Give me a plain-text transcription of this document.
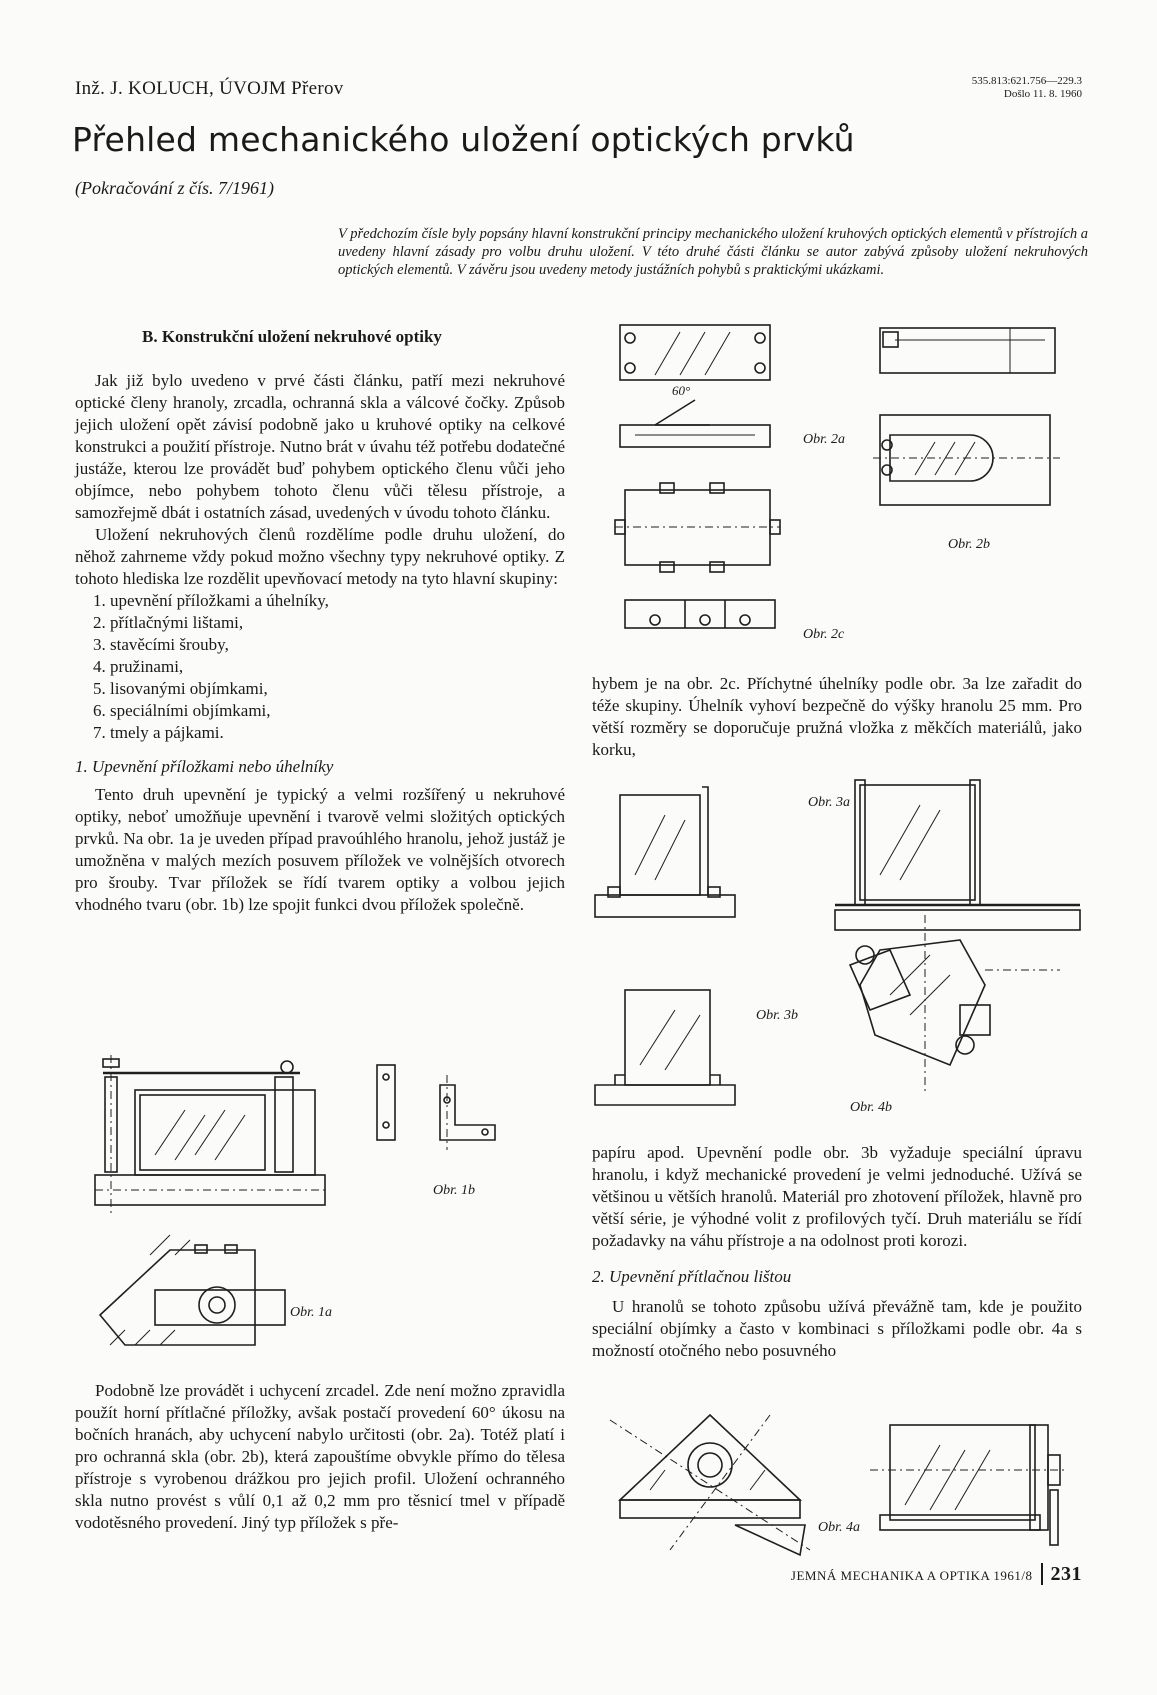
Inž. J. KOLUCH, ÚVOJM Přerov	535.813:621.756—229.3
Došlo 11. 8. 1960
Přehled mechanického uložení optických prvků
(Pokračování z čís. 7/1961)
V předchozím čísle byly popsány hlavní konstrukční principy mechanického uložení kruhových optických elementů v přístrojích a uvedeny hlavní zásady pro volbu druhu uložení. V této druhé části článku se autor zabývá způsoby uložení nekruhových optických elementů. V závěru jsou uvedeny metody justážních pohybů s praktickými ukázkami.
B. Konstrukční uložení nekruhové optiky

Jak již bylo uvedeno v prvé části článku, patří mezi nekruhové optické členy hranoly, zrcadla, ochranná skla a válcové čočky. Způsob jejich uložení opět závisí podobně jako u kruhové optiky na celkové konstrukci a použití přístroje. Nutno brát v úvahu též potřebu dodatečné justáže, kterou lze provádět buď pohybem optického členu vůči jeho objímce, nebo pohybem tohoto členu vůči tělesu přístroje, a samozřejmě dbát i ostatních zásad, uvedených v úvodu tohoto článku.

Uložení nekruhových členů rozdělíme podle druhu uložení, do něhož zahrneme vždy pokud možno všechny typy nekruhové optiky. Z tohoto hlediska lze rozdělit upevňovací metody na tyto hlavní skupiny:

1. upevnění příložkami a úhelníky,
2. přítlačnými lištami,
3. stavěcími šrouby,
4. pružinami,
5. lisovanými objímkami,
6. speciálními objímkami,
7. tmely a pájkami.
1. Upevnění příložkami nebo úhelníky

Tento druh upevnění je typický a velmi rozšířený u nekruhové optiky, neboť umožňuje upevnění i tvarově velmi složitých optických prvků. Na obr. 1a je uveden případ pravoúhlého hranolu, jehož justáž je umožněna v malých mezích posuvem příložek ve volnějších otvorech pro šrouby. Tvar příložek se řídí tvarem optiky a volbou jejich vhodného tvaru (obr. 1b) lze spojit funkci dvou příložek společně.

Obr. 1b
Obr. 1a

Podobně lze provádět i uchycení zrcadel. Zde není možno zpravidla použít horní přítlačné příložky, avšak postačí provedení 60° úkosu na bočních hranách, aby uchycení nabylo určitosti (obr. 2a). Totéž platí i pro ochranná skla (obr. 2b), která zapouštíme obvykle přímo do tělesa přístroje s vyrobenou drážkou pro jejich profil. Uložení ochranného skla nutno provést s vůlí 0,1 až 0,2 mm pro těsnicí tmel v případě vodotěsného provedení. Jiný typ příložek s pře-

60°
Obr. 2a
Obr. 2b
Obr. 2c

hybem je na obr. 2c. Příchytné úhelníky podle obr. 3a lze zařadit do téže skupiny. Úhelník vyhoví bezpečně do výšky hranolu 25 mm. Pro větší rozměry se doporučuje pružná vložka z měkčích materiálů, jako korku,

Obr. 3a
Obr. 3b
Obr. 4b

papíru apod. Upevnění podle obr. 3b vyžaduje speciální úpravu hranolu, i když mechanické provedení je velmi jednoduché. Užívá se většinou u větších hranolů. Materiál pro zhotovení příložek, hlavně pro větší série, je výhodné volit z profilových tyčí. Druh materiálu se řídí požadavky na váhu přístroje a na odolnost proti korozi.

2. Upevnění přítlačnou lištou

U hranolů se tohoto způsobu užívá převážně tam, kde je použito speciální objímky a často v kombinaci s příložkami podle obr. 4a s možností otočného nebo posuvného

Obr. 4a
JEMNÁ MECHANIKA A OPTIKA 1961/8 231
